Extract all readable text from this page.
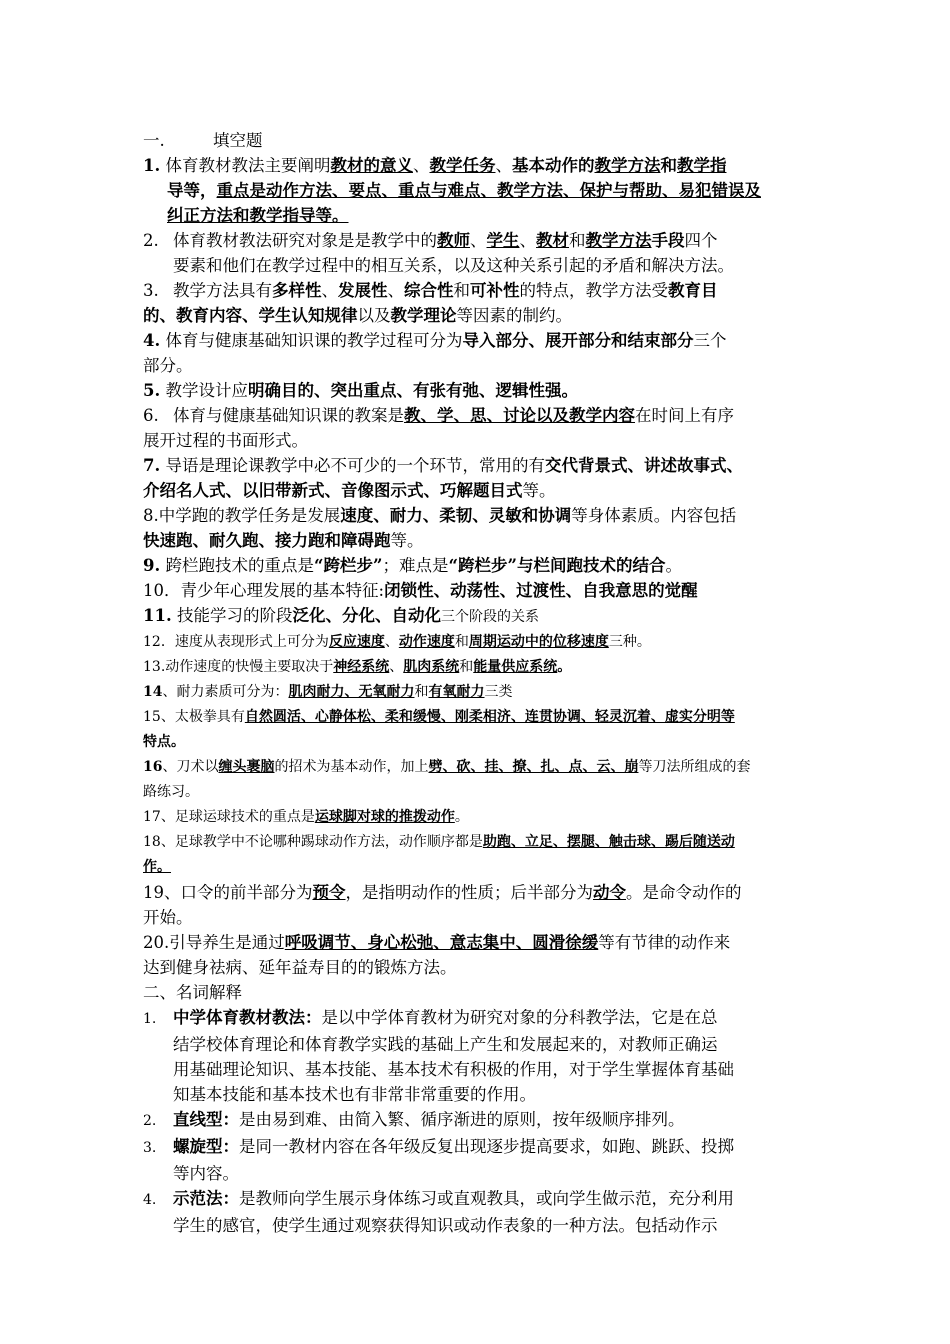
一.	填空题
1. 体育教材教法主要阐明教材的意义、教学任务、基本动作的教学方法和教学指
导等，重点是动作方法、要点、重点与难点、教学方法、保护与帮助、易犯错误及
纠正方法和教学指导等。
2. 体育教材教法研究对象是是教学中的教师、学生、教材和教学方法手段四个
要素和他们在教学过程中的相互关系，以及这种关系引起的矛盾和解决方法。
3. 教学方法具有多样性、发展性、综合性和可补性的特点，教学方法受教育目
的、教育内容、学生认知规律以及教学理论等因素的制约。
4. 体育与健康基础知识课的教学过程可分为导入部分、展开部分和结束部分三个
部分。
5. 教学设计应明确目的、突出重点、有张有弛、逻辑性强。
6. 体育与健康基础知识课的教案是教、学、思、讨论以及教学内容在时间上有序
展开过程的书面形式。
7. 导语是理论课教学中必不可少的一个环节，常用的有交代背景式、讲述故事式、
介绍名人式、以旧带新式、音像图示式、巧解题目式等。
8.中学跑的教学任务是发展速度、耐力、柔韧、灵敏和协调等身体素质。内容包括
快速跑、耐久跑、接力跑和障碍跑等。
9. 跨栏跑技术的重点是“跨栏步”；难点是“跨栏步”与栏间跑技术的结合。
10．青少年心理发展的基本特征:闭锁性、动荡性、过渡性、自我意思的觉醒
11. 技能学习的阶段泛化、分化、自动化三个阶段的关系
12．速度从表现形式上可分为反应速度、动作速度和周期运动中的位移速度三种。
13.动作速度的快慢主要取决于神经系统、肌肉系统和能量供应系统。
14、耐力素质可分为：肌肉耐力、无氧耐力和有氧耐力三类
15、太极拳具有自然圆活、心静体松、柔和缓慢、刚柔相济、连贯协调、轻灵沉着、虚实分明等
特点。
16、刀术以缠头裹脑的招术为基本动作，加上劈、砍、挂、撩、扎、点、云、崩等刀法所组成的套
路练习。
17、足球运球技术的重点是运球脚对球的推拨动作。
18、足球教学中不论哪种踢球动作方法，动作顺序都是助跑、立足、摆腿、触击球、踢后随送动
作。
19、口令的前半部分为预令，是指明动作的性质；后半部分为动令。是命令动作的
开始。
20.引导养生是通过呼吸调节、身心松弛、意志集中、圆滑徐缓等有节律的动作来
达到健身祛病、延年益寿目的的锻炼方法。
二、名词解释
1. 中学体育教材教法：是以中学体育教材为研究对象的分科教学法，它是在总
结学校体育理论和体育教学实践的基础上产生和发展起来的，对教师正确运
用基础理论知识、基本技能、基本技术有积极的作用，对于学生掌握体育基础
知基本技能和基本技术也有非常非常重要的作用。
2. 直线型：是由易到难、由简入繁、循序渐进的原则，按年级顺序排列。
3. 螺旋型：是同一教材内容在各年级反复出现逐步提高要求，如跑、跳跃、投掷
等内容。
4. 示范法：是教师向学生展示身体练习或直观教具，或向学生做示范，充分利用
学生的感官，使学生通过观察获得知识或动作表象的一种方法。包括动作示
